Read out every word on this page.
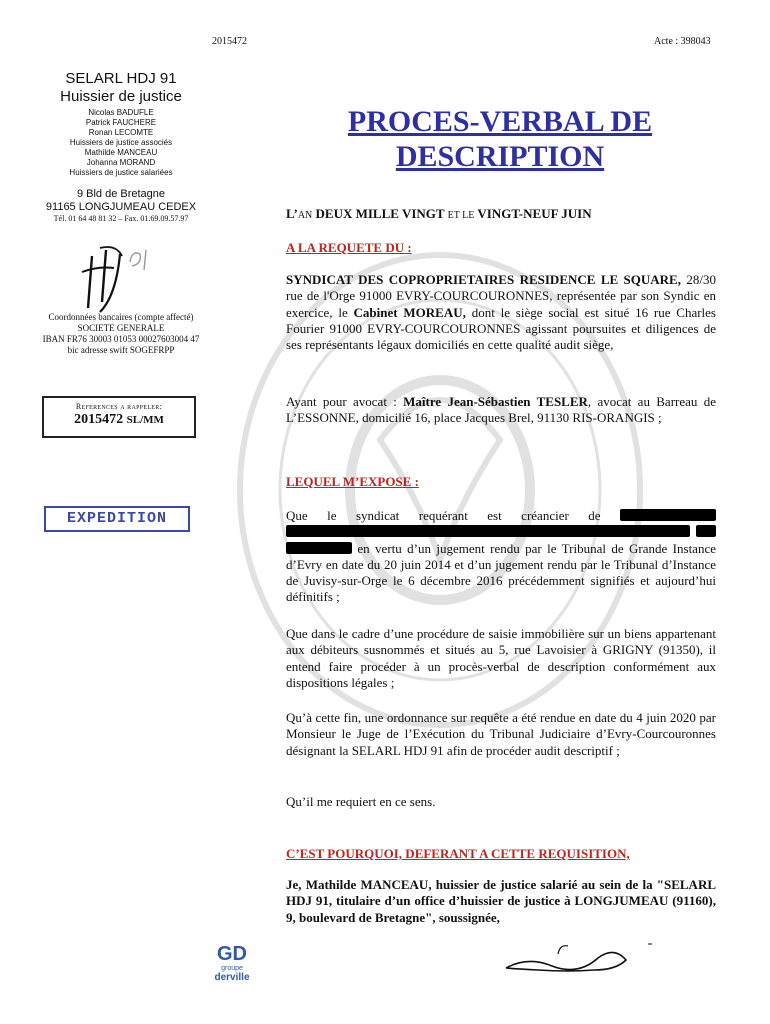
2015472	Acte : 398043
SELARL HDJ 91
Huissier de justice
Nicolas BADUFLE
Patrick FAUCHERE
Ronan LECOMTE
Huissiers de justice associés
Mathilde MANCEAU
Johanna MORAND
Huissiers de justice salariées
9 Bld de Bretagne
91165 LONGJUMEAU CEDEX
Tél. 01 64 48 81 32 – Fax. 01.69.09.57.97
Coordonnées bancaires (compte affecté)
SOCIETE GENERALE
IBAN FR76 30003 01053 00027603004 47
bic adresse swift SOGEFRPP
References a rappeler:
2015472 SL/MM
EXPEDITION
PROCES-VERBAL DE
DESCRIPTION
L’AN DEUX MILLE VINGT ET LE VINGT-NEUF JUIN
A LA REQUETE DU :
SYNDICAT DES COPROPRIETAIRES RESIDENCE LE SQUARE, 28/30 rue de l'Orge 91000 EVRY-COURCOURONNES, représentée par son Syndic en exercice, le Cabinet MOREAU, dont le siège social est situé 16 rue Charles Fourier 91000 EVRY-COURCOURONNES agissant poursuites et diligences de ses représentants légaux domiciliés en cette qualité audit siège,
Ayant pour avocat : Maître Jean-Sébastien TESLER, avocat au Barreau de L’ESSONNE, domicilié 16, place Jacques Brel, 91130 RIS-ORANGIS ;
LEQUEL M’EXPOSE :
Que le syndicat requérant est créancier de     en vertu d’un jugement rendu par le Tribunal de Grande Instance d’Evry en date du 20 juin 2014 et d’un jugement rendu par le Tribunal d’Instance de Juvisy-sur-Orge le 6 décembre 2016 précédemment signifiés et aujourd’hui définitifs ;
Que dans le cadre d’une procédure de saisie immobilière sur un biens appartenant aux débiteurs susnommés et situés au 5, rue Lavoisier à GRIGNY (91350), il entend faire procéder à un procès-verbal de description conformément aux dispositions légales ;
Qu’à cette fin, une ordonnance sur requête a été rendue en date du 4 juin 2020 par Monsieur le Juge de l’Exécution du Tribunal Judiciaire d’Evry-Courcouronnes désignant la SELARL HDJ 91 afin de procéder audit descriptif ;
Qu’il me requiert en ce sens.
C’EST POURQUOI, DEFERANT A CETTE REQUISITION,
Je, Mathilde MANCEAU, huissier de justice salarié au sein de la "SELARL HDJ 91, titulaire d’un office d’huissier de justice à LONGJUMEAU (91160), 9, boulevard de Bretagne", soussignée,
GD
groupe
derville
